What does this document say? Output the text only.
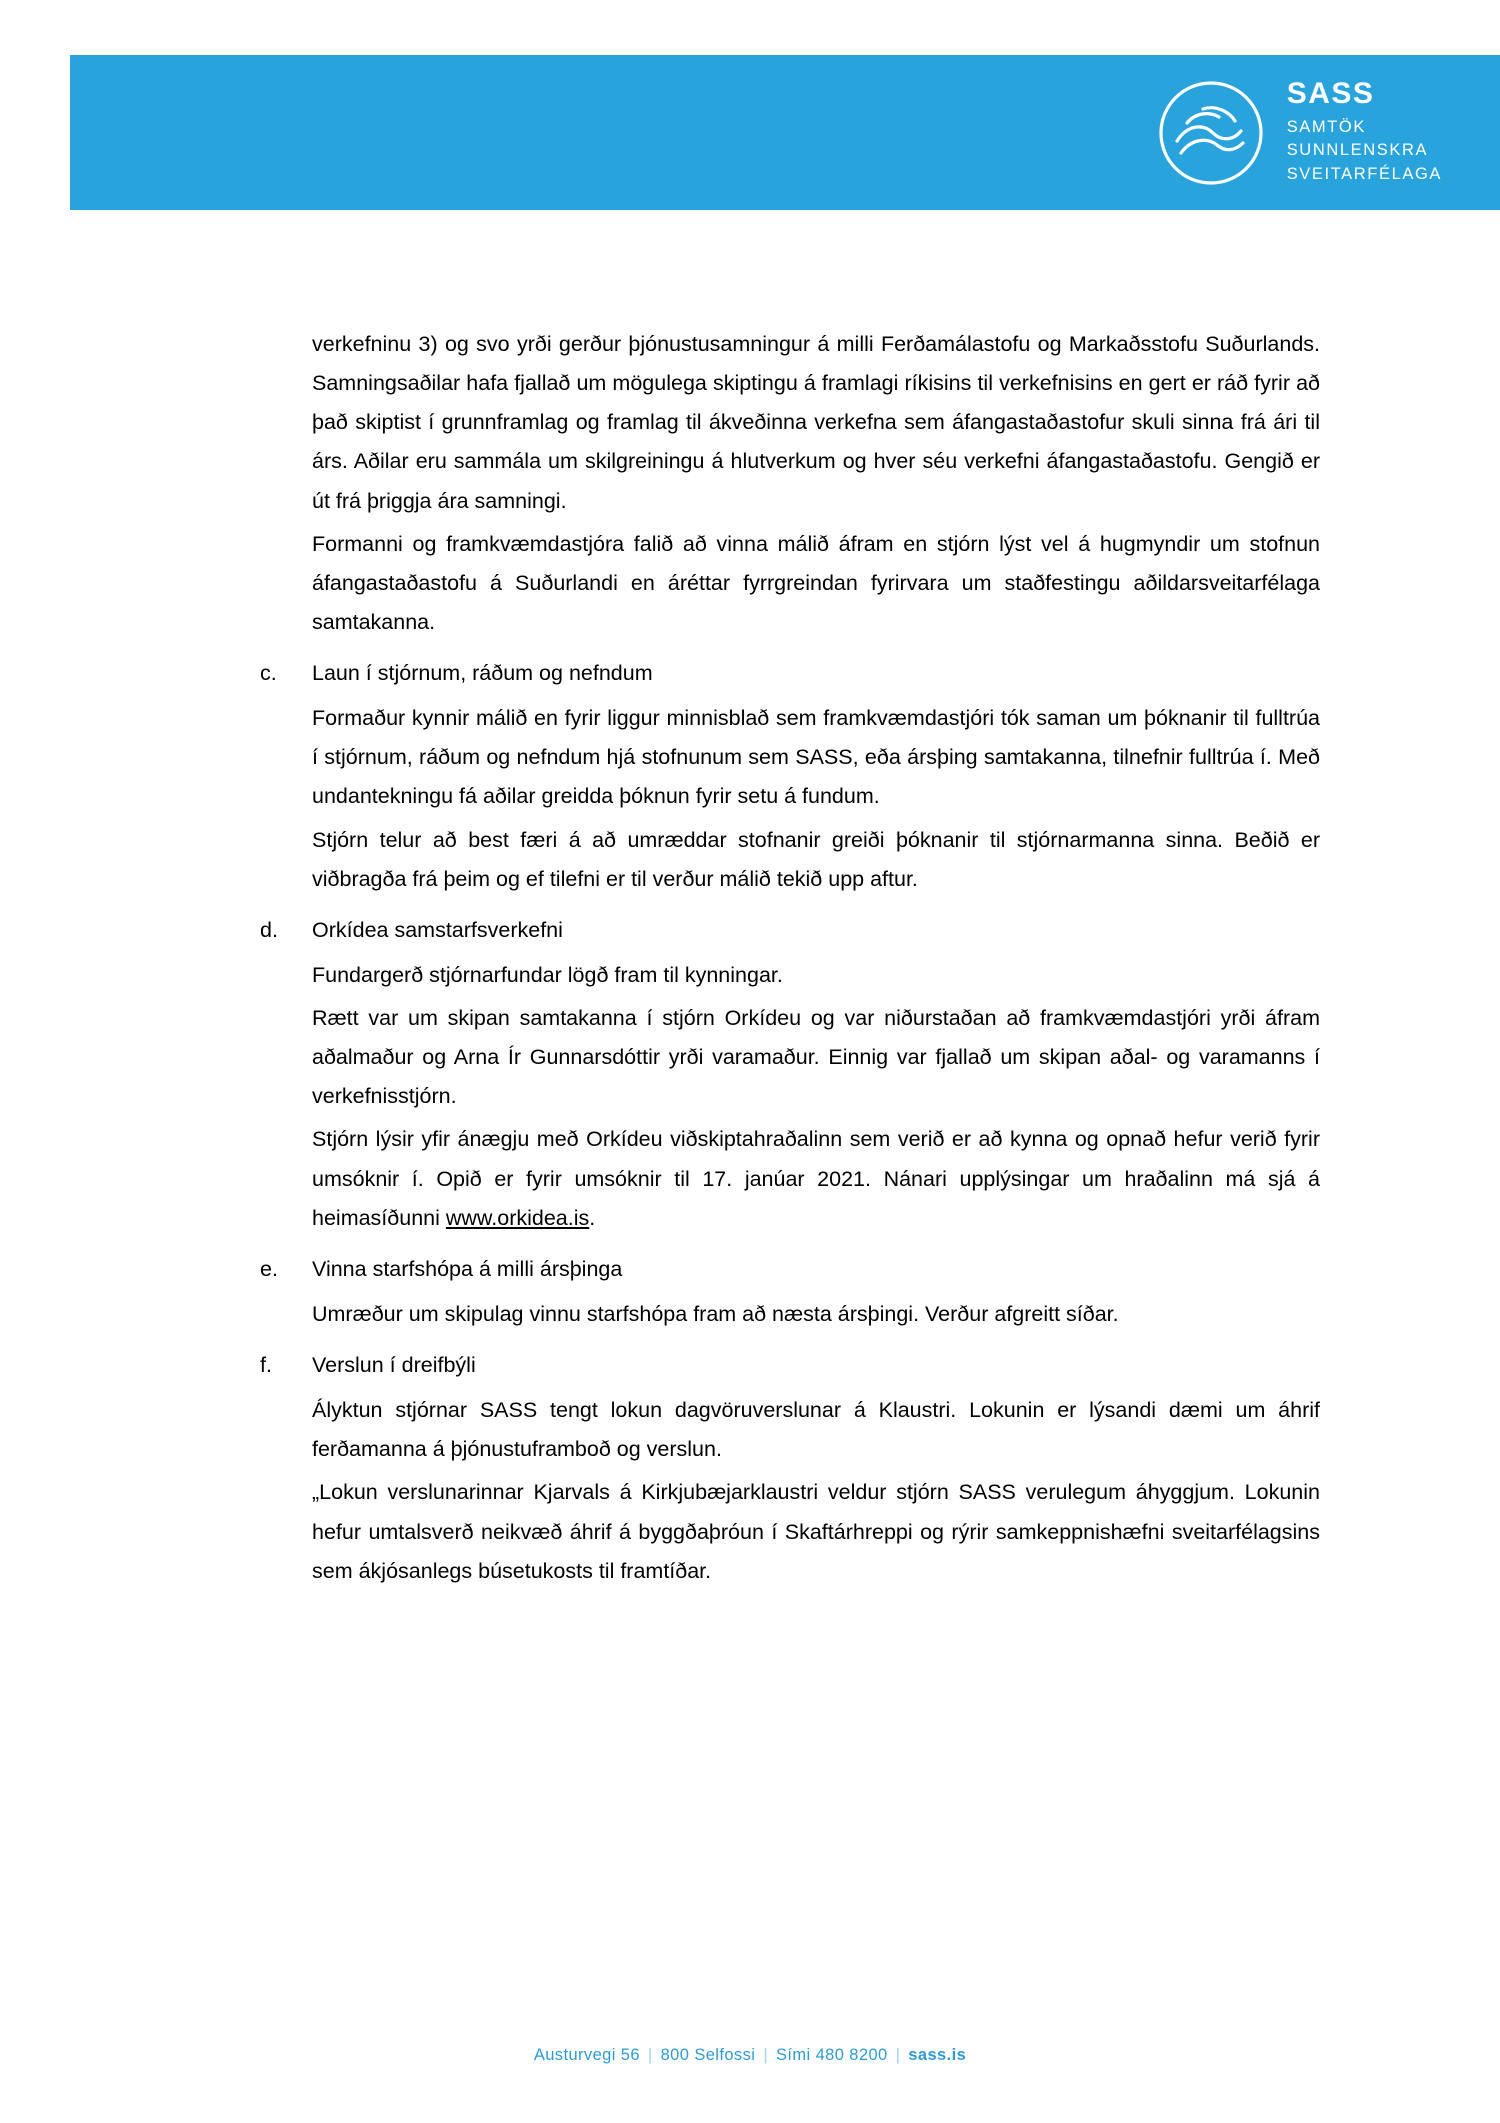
SASS
SAMTÖK
SUNNLENSKRA
SVEITARFÉLAGA

verkefninu 3) og svo yrði gerður þjónustusamningur á milli Ferðamálastofu og Markaðsstofu Suðurlands. Samningsaðilar hafa fjallað um mögulega skiptingu á framlagi ríkisins til verkefnisins en gert er ráð fyrir að það skiptist í grunnframlag og framlag til ákveðinna verkefna sem áfangastaðastofur skuli sinna frá ári til árs. Aðilar eru sammála um skilgreiningu á hlutverkum og hver séu verkefni áfangastaðastofu. Gengið er út frá þriggja ára samningi.

Formanni og framkvæmdastjóra falið að vinna málið áfram en stjórn lýst vel á hugmyndir um stofnun áfangastaðastofu á Suðurlandi en áréttar fyrrgreindan fyrirvara um staðfestingu aðildarsveitarfélaga samtakanna.

c.	Laun í stjórnum, ráðum og nefndum

Formaður kynnir málið en fyrir liggur minnisblað sem framkvæmdastjóri tók saman um þóknanir til fulltrúa í stjórnum, ráðum og nefndum hjá stofnunum sem SASS, eða ársþing samtakanna, tilnefnir fulltrúa í. Með undantekningu fá aðilar greidda þóknun fyrir setu á fundum.

Stjórn telur að best færi á að umræddar stofnanir greiði þóknanir til stjórnarmanna sinna. Beðið er viðbragða frá þeim og ef tilefni er til verður málið tekið upp aftur.

d.	Orkídea samstarfsverkefni

Fundargerð stjórnarfundar lögð fram til kynningar.

Rætt var um skipan samtakanna í stjórn Orkídeu og var niðurstaðan að framkvæmdastjóri yrði áfram aðalmaður og Arna Ír Gunnarsdóttir yrði varamaður. Einnig var fjallað um skipan aðal- og varamanns í verkefnisstjórn.

Stjórn lýsir yfir ánægju með Orkídeu viðskiptahraðalinn sem verið er að kynna og opnað hefur verið fyrir umsóknir í. Opið er fyrir umsóknir til 17. janúar 2021. Nánari upplýsingar um hraðalinn má sjá á heimasíðunni www.orkidea.is.

e.	Vinna starfshópa á milli ársþinga

Umræður um skipulag vinnu starfshópa fram að næsta ársþingi. Verður afgreitt síðar.

f.	Verslun í dreifbýli

Ályktun stjórnar SASS tengt lokun dagvöruverslunar á Klaustri. Lokunin er lýsandi dæmi um áhrif ferðamanna á þjónustuframboð og verslun.

„Lokun verslunarinnar Kjarvals á Kirkjubæjarklaustri veldur stjórn SASS verulegum áhyggjum. Lokunin hefur umtalsverð neikvæð áhrif á byggðaþróun í Skaftárhreppi og rýrir samkeppnishæfni sveitarfélagsins sem ákjósanlegs búsetukosts til framtíðar.

Austurvegi 56 | 800 Selfossi | Sími 480 8200 | sass.is
